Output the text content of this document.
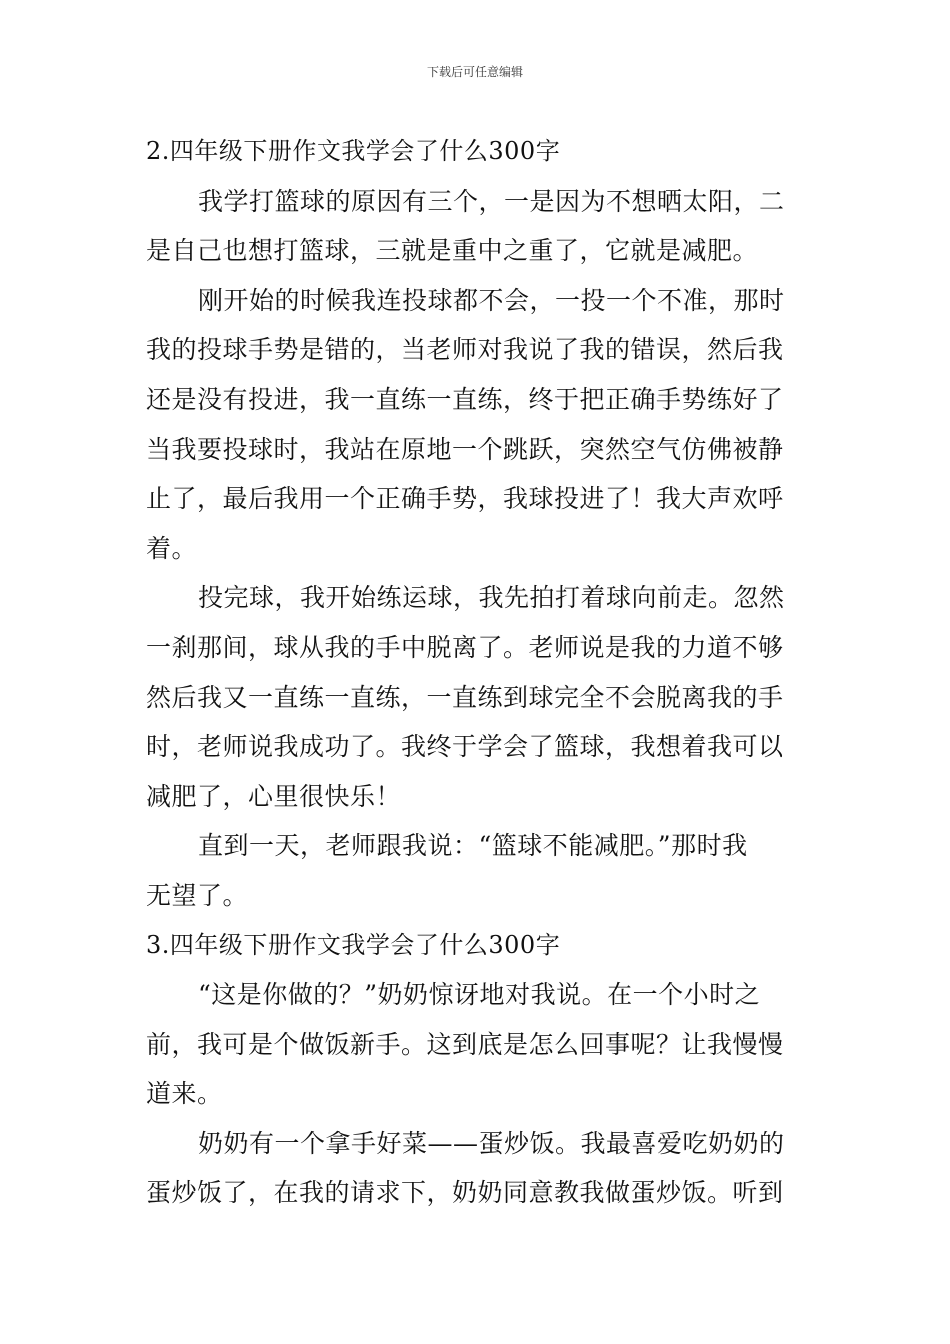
下载后可任意编辑
2.四年级下册作文我学会了什么300字
我学打篮球的原因有三个，一是因为不想晒太阳，二
是自己也想打篮球，三就是重中之重了，它就是减肥。
刚开始的时候我连投球都不会，一投一个不准，那时
我的投球手势是错的，当老师对我说了我的错误，然后我
还是没有投进，我一直练一直练，终于把正确手势练好了
当我要投球时，我站在原地一个跳跃，突然空气仿佛被静
止了，最后我用一个正确手势，我球投进了！我大声欢呼
着。
投完球，我开始练运球，我先拍打着球向前走。忽然
一刹那间，球从我的手中脱离了。老师说是我的力道不够
然后我又一直练一直练，一直练到球完全不会脱离我的手
时，老师说我成功了。我终于学会了篮球，我想着我可以
减肥了，心里很快乐！
直到一天，老师跟我说：“篮球不能减肥。”那时我
无望了。
3.四年级下册作文我学会了什么300字
“这是你做的？”奶奶惊讶地对我说。在一个小时之
前，我可是个做饭新手。这到底是怎么回事呢？让我慢慢
道来。
奶奶有一个拿手好菜——蛋炒饭。我最喜爱吃奶奶的
蛋炒饭了，在我的请求下，奶奶同意教我做蛋炒饭。听到
